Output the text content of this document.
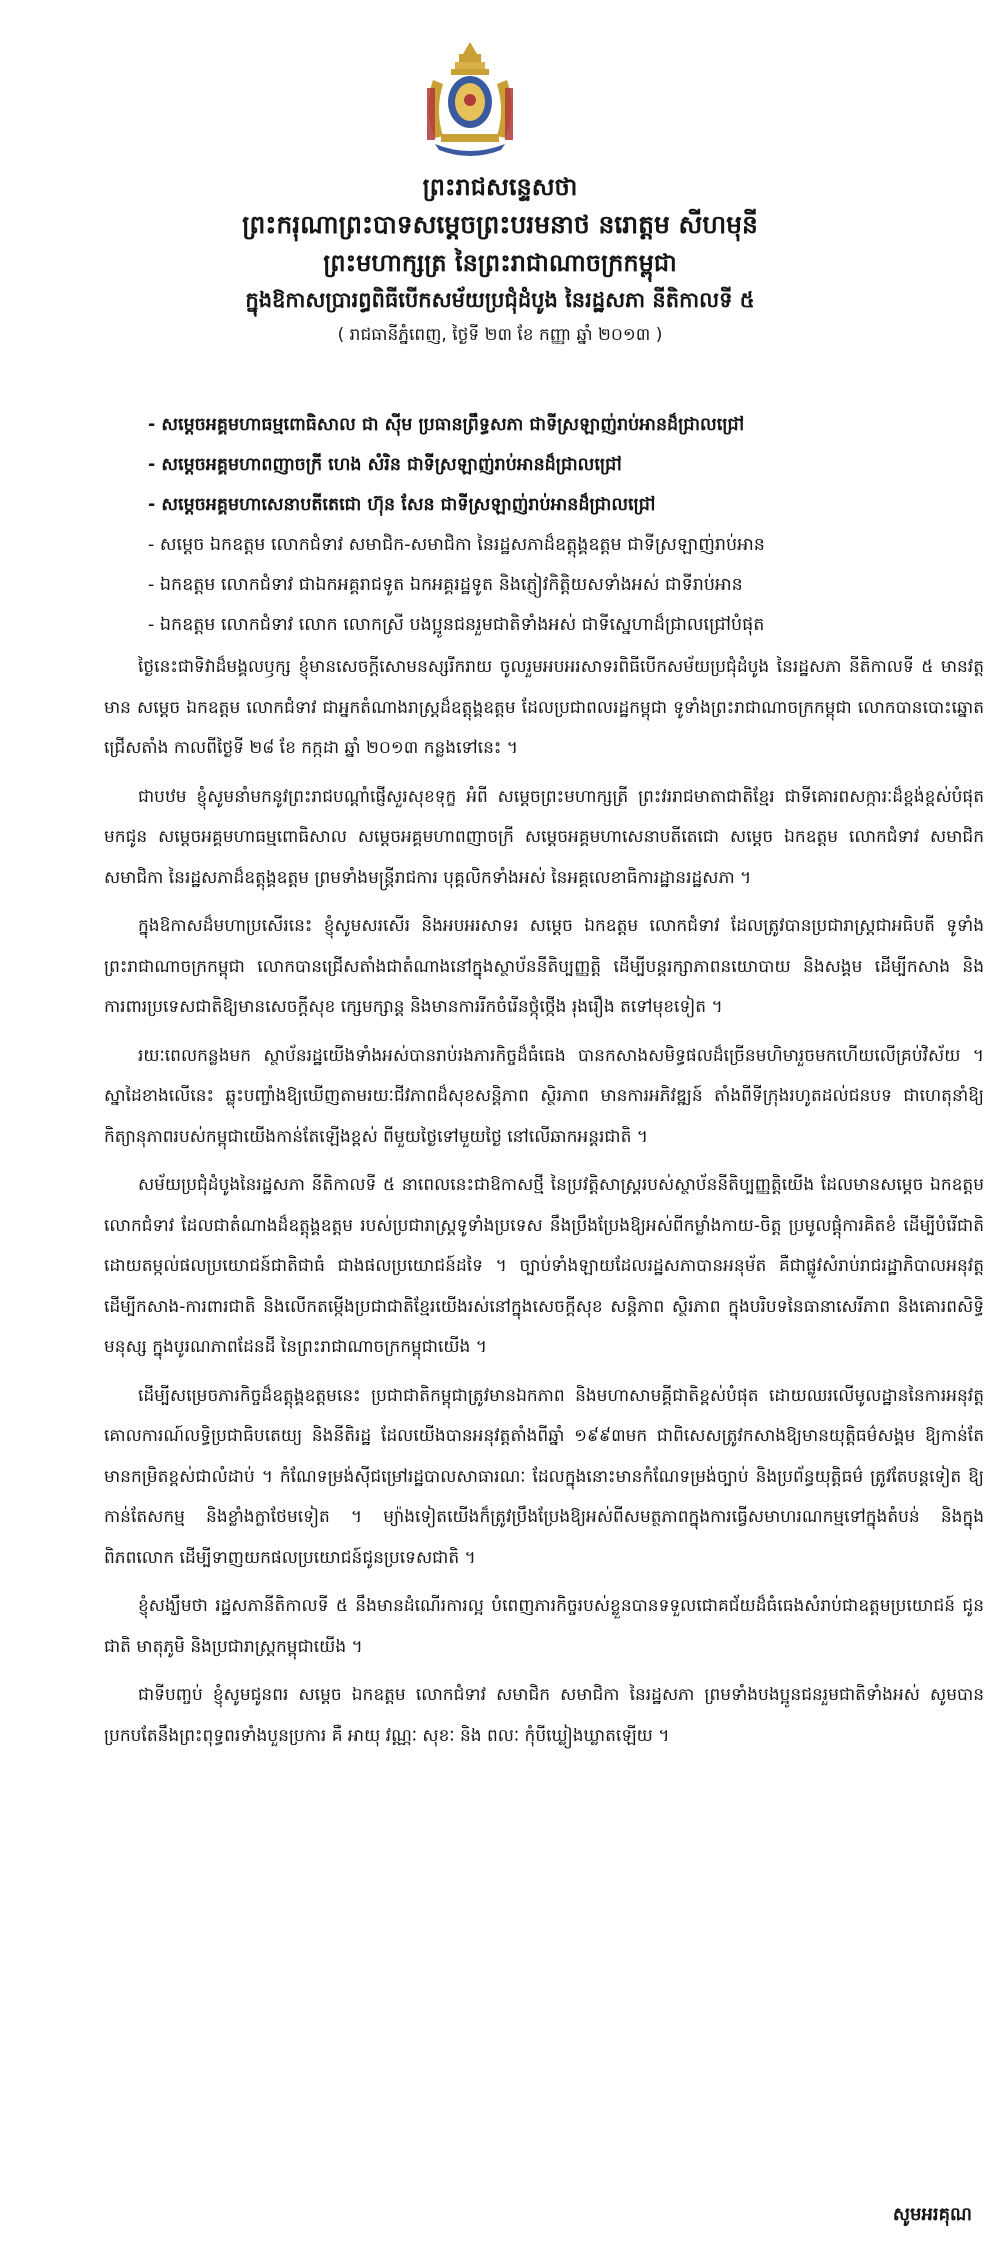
ព្រះរាជសន្ទេសថា
ព្រះករុណាព្រះបាទសម្តេចព្រះបរមនាថ នរោត្តម សីហមុនី
ព្រះមហាក្សត្រ នៃព្រះរាជាណាចក្រកម្ពុជា
ក្នុងឱកាសប្រារព្ធពិធីបើកសម័យប្រជុំដំបូង នៃរដ្ឋសភា នីតិកាលទី ៥
( រាជធានីភ្នំពេញ, ថ្ងៃទី ២៣ ខែ កញ្ញា ឆ្នាំ ២០១៣ )
- សម្តេចអគ្គមហាធម្មពោធិសាល ជា ស៊ីម ប្រធានព្រឹទ្ធសភា ជាទីស្រឡាញ់រាប់អានដ៏ជ្រាលជ្រៅ
- សម្តេចអគ្គមហាពញាចក្រី ហេង សំរិន ជាទីស្រឡាញ់រាប់អានដ៏ជ្រាលជ្រៅ
- សម្តេចអគ្គមហាសេនាបតីតេជោ ហ៊ុន សែន ជាទីស្រឡាញ់រាប់អានដ៏ជ្រាលជ្រៅ
- សម្តេច ឯកឧត្តម លោកជំទាវ សមាជិក-សមាជិកា នៃរដ្ឋសភាដ៏ឧត្តុង្គឧត្តម ជាទីស្រឡាញ់រាប់អាន
- ឯកឧត្តម លោកជំទាវ ជាឯកអគ្គរាជទូត ឯកអគ្គរដ្ឋទូត និងភ្ញៀវកិត្តិយសទាំងអស់ ជាទីរាប់អាន
- ឯកឧត្តម លោកជំទាវ លោក លោកស្រី បងប្អូនជនរួមជាតិទាំងអស់ ជាទីស្នេហាដ៏ជ្រាលជ្រៅបំផុត

ថ្ងៃនេះជាទិវាដ៏មង្គលឫក្ស ខ្ញុំមានសេចក្តីសោមនស្សរីករាយ ចូលរួមអបអរសាទរពិធីបើកសម័យប្រជុំដំបូង នៃរដ្ឋសភា នីតិកាលទី ៥ មានវត្តមាន សម្តេច ឯកឧត្តម លោកជំទាវ ជាអ្នកតំណាងរាស្ត្រដ៏ឧត្តុង្គឧត្តម ដែលប្រជាពលរដ្ឋកម្ពុជា ទូទាំងព្រះរាជាណាចក្រកម្ពុជា លោកបានបោះឆ្នោតជ្រើសតាំង កាលពីថ្ងៃទី ២៨ ខែ កក្កដា ឆ្នាំ ២០១៣ កន្លងទៅនេះ ។

ជាបឋម ខ្ញុំសូមនាំមកនូវព្រះរាជបណ្តាំផ្ញើសួរសុខទុក្ខ អំពី សម្តេចព្រះមហាក្សត្រី ព្រះវររាជមាតាជាតិខ្មែរ ជាទីគោរពសក្ការៈដ៏ខ្ពង់ខ្ពស់បំផុត មកជូន សម្តេចអគ្គមហាធម្មពោធិសាល សម្តេចអគ្គមហាពញាចក្រី សម្តេចអគ្គមហាសេនាបតីតេជោ សម្តេច ឯកឧត្តម លោកជំទាវ សមាជិក សមាជិកា នៃរដ្ឋសភាដ៏ឧត្តុង្គឧត្តម ព្រមទាំងមន្ត្រីរាជការ បុគ្គលិកទាំងអស់ នៃអគ្គលេខាធិការដ្ឋានរដ្ឋសភា ។

ក្នុងឱកាសដ៏មហាប្រសើរនេះ ខ្ញុំសូមសរសើរ និងអបអរសាទរ សម្តេច ឯកឧត្តម លោកជំទាវ ដែលត្រូវបានប្រជារាស្ត្រជាអធិបតី ទូទាំងព្រះរាជាណាចក្រកម្ពុជា លោកបានជ្រើសតាំងជាតំណាងនៅក្នុងស្ថាប័ននីតិប្បញ្ញត្តិ ដើម្បីបន្តរក្សាភាពនយោបាយ និងសង្គម ដើម្បីកសាង និងការពារប្រទេសជាតិឱ្យមានសេចក្តីសុខ ក្សេមក្សាន្ត និងមានការរីកចំរើនថ្កុំថ្កើង រុងរឿង តទៅមុខទៀត ។

រយៈពេលកន្លងមក ស្ថាប័នរដ្ឋយើងទាំងអស់បានរាប់រងភារកិច្ចដ៏ធំធេង បានកសាងសមិទ្ធផលដ៏ច្រើនមហិមារួចមកហើយលើគ្រប់វិស័យ ។ ស្នាដៃខាងលើនេះ ឆ្លុះបញ្ចាំងឱ្យឃើញតាមរយៈជីវភាពដ៏សុខសន្តិភាព ស្ថិរភាព មានការអភិវឌ្ឍន៍ តាំងពីទីក្រុងរហូតដល់ជនបទ ជាហេតុនាំឱ្យកិត្យានុភាពរបស់កម្ពុជាយើងកាន់តែឡើងខ្ពស់ ពីមួយថ្ងៃទៅមួយថ្ងៃ នៅលើឆាកអន្តរជាតិ ។

សម័យប្រជុំដំបូងនៃរដ្ឋសភា នីតិកាលទី ៥ នាពេលនេះជាឱកាសថ្មី នៃប្រវត្តិសាស្ត្ររបស់ស្ថាប័ននីតិប្បញ្ញត្តិយើង ដែលមានសម្តេច ឯកឧត្តម លោកជំទាវ ដែលជាតំណាងដ៏ឧត្តុង្គឧត្តម របស់ប្រជារាស្ត្រទូទាំងប្រទេស នឹងប្រឹងប្រែងឱ្យអស់ពីកម្លាំងកាយ-ចិត្ត ប្រមូលផ្តុំការគិតខំ ដើម្បីបំរើជាតិ ដោយតម្កល់ផលប្រយោជន៍ជាតិជាធំ ជាងផលប្រយោជន៍ដទៃ ។ ច្បាប់ទាំងឡាយដែលរដ្ឋសភាបានអនុម័ត គឺជាផ្លូវសំរាប់រាជរដ្ឋាភិបាលអនុវត្តដើម្បីកសាង-ការពារជាតិ និងលើកតម្កើងប្រជាជាតិខ្មែរយើងរស់នៅក្នុងសេចក្តីសុខ សន្តិភាព ស្ថិរភាព ក្នុងបរិបទនៃធានាសេរីភាព និងគោរពសិទ្ធិមនុស្ស ក្នុងបូរណភាពដែនដី នៃព្រះរាជាណាចក្រកម្ពុជាយើង ។

ដើម្បីសម្រេចភារកិច្ចដ៏ឧត្តុង្គឧត្តមនេះ ប្រជាជាតិកម្ពុជាត្រូវមានឯកភាព និងមហាសាមគ្គីជាតិខ្ពស់បំផុត ដោយឈរលើមូលដ្ឋាននៃការអនុវត្តគោលការណ៍លទ្ធិប្រជាធិបតេយ្យ និងនីតិរដ្ឋ ដែលយើងបានអនុវត្តតាំងពីឆ្នាំ ១៩៩៣មក ជាពិសេសត្រូវកសាងឱ្យមានយុត្តិធម៌សង្គម ឱ្យកាន់តែមានកម្រិតខ្ពស់ជាលំដាប់ ។ កំណែទម្រង់ស៊ីជម្រៅរដ្ឋបាលសាធារណៈ ដែលក្នុងនោះមានកំណែទម្រង់ច្បាប់ និងប្រព័ន្ធយុត្តិធម៌ ត្រូវតែបន្តទៀត ឱ្យកាន់តែសកម្ម និងខ្លាំងក្លាថែមទៀត ។ ម្យ៉ាងទៀតយើងក៏ត្រូវប្រឹងប្រែងឱ្យអស់ពីសមត្ថភាពក្នុងការធ្វើសមាហរណកម្មទៅក្នុងតំបន់ និងក្នុងពិភពលោក ដើម្បីទាញយកផលប្រយោជន៍ជូនប្រទេសជាតិ ។

ខ្ញុំសង្ឃឹមថា រដ្ឋសភានីតិកាលទី ៥ នឹងមានដំណើរការល្អ បំពេញភារកិច្ចរបស់ខ្លួនបានទទួលជោគជ័យដ៏ធំធេងសំរាប់ជាឧត្តមប្រយោជន៍ ជូនជាតិ មាតុភូមិ និងប្រជារាស្ត្រកម្ពុជាយើង ។

ជាទីបញ្ចប់ ខ្ញុំសូមជូនពរ សម្តេច ឯកឧត្តម លោកជំទាវ សមាជិក សមាជិកា នៃរដ្ឋសភា ព្រមទាំងបងប្អូនជនរួមជាតិទាំងអស់ សូមបានប្រកបតែនឹងព្រះពុទ្ធពរទាំងបួនប្រការ គឺ អាយុ វណ្ណៈ សុខៈ និង ពលៈ កុំបីឃ្លៀងឃ្លាតឡើយ ។

សូមអរគុណ
